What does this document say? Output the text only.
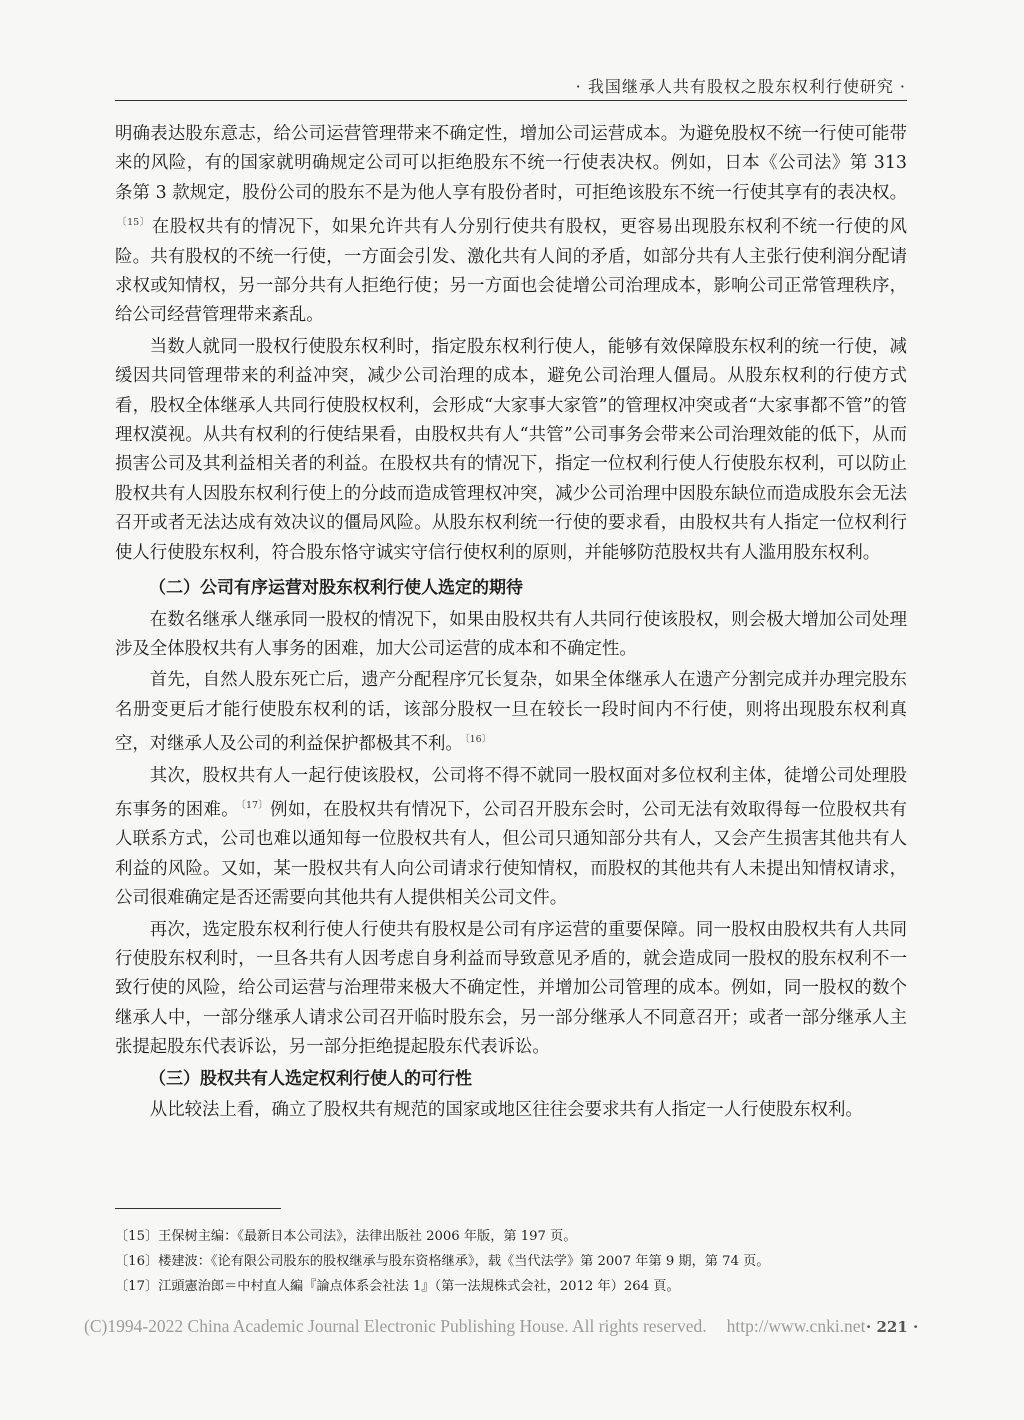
· 我国继承人共有股权之股东权利行使研究 ·

明确表达股东意志，给公司运营管理带来不确定性，增加公司运营成本。为避免股权不统一行使可能带来的风险，有的国家就明确规定公司可以拒绝股东不统一行使表决权。例如，日本《公司法》第 313 条第 3 款规定，股份公司的股东不是为他人享有股份者时，可拒绝该股东不统一行使其享有的表决权。$^{〔15〕}$ 在股权共有的情况下，如果允许共有人分别行使共有股权，更容易出现股东权利不统一行使的风险。共有股权的不统一行使，一方面会引发、激化共有人间的矛盾，如部分共有人主张行使利润分配请求权或知情权，另一部分共有人拒绝行使；另一方面也会徒增公司治理成本，影响公司正常管理秩序，给公司经营管理带来紊乱。

当数人就同一股权行使股东权利时，指定股东权利行使人，能够有效保障股东权利的统一行使，减缓因共同管理带来的利益冲突，减少公司治理的成本，避免公司治理人僵局。从股东权利的行使方式看，股权全体继承人共同行使股权权利，会形成“大家事大家管”的管理权冲突或者“大家事都不管”的管理权漠视。从共有权利的行使结果看，由股权共有人“共管”公司事务会带来公司治理效能的低下，从而损害公司及其利益相关者的利益。在股权共有的情况下，指定一位权利行使人行使股东权利，可以防止股权共有人因股东权利行使上的分歧而造成管理权冲突，减少公司治理中因股东缺位而造成股东会无法召开或者无法达成有效决议的僵局风险。从股东权利统一行使的要求看，由股权共有人指定一位权利行使人行使股东权利，符合股东恪守诚实守信行使权利的原则，并能够防范股权共有人滥用股东权利。

（二）公司有序运营对股东权利行使人选定的期待

在数名继承人继承同一股权的情况下，如果由股权共有人共同行使该股权，则会极大增加公司处理涉及全体股权共有人事务的困难，加大公司运营的成本和不确定性。

首先，自然人股东死亡后，遗产分配程序冗长复杂，如果全体继承人在遗产分割完成并办理完股东名册变更后才能行使股东权利的话，该部分股权一旦在较长一段时间内不行使，则将出现股东权利真空，对继承人及公司的利益保护都极其不利。 $^{〔16〕}$

其次，股权共有人一起行使该股权，公司将不得不就同一股权面对多位权利主体，徒增公司处理股东事务的困难。 $^{〔17〕}$ 例如，在股权共有情况下，公司召开股东会时，公司无法有效取得每一位股权共有人联系方式，公司也难以通知每一位股权共有人，但公司只通知部分共有人，又会产生损害其他共有人利益的风险。又如，某一股权共有人向公司请求行使知情权，而股权的其他共有人未提出知情权请求，公司很难确定是否还需要向其他共有人提供相关公司文件。

再次，选定股东权利行使人行使共有股权是公司有序运营的重要保障。同一股权由股权共有人共同行使股东权利时，一旦各共有人因考虑自身利益而导致意见矛盾的，就会造成同一股权的股东权利不一致行使的风险，给公司运营与治理带来极大不确定性，并增加公司管理的成本。例如，同一股权的数个继承人中，一部分继承人请求公司召开临时股东会，另一部分继承人不同意召开；或者一部分继承人主张提起股东代表诉讼，另一部分拒绝提起股东代表诉讼。

（三）股权共有人选定权利行使人的可行性

从比较法上看，确立了股权共有规范的国家或地区往往会要求共有人指定一人行使股东权利。

〔15〕王保树主编：《最新日本公司法》，法律出版社 2006 年版，第 197 页。
〔16〕楼建波：《论有限公司股东的股权继承与股东资格继承》，载《当代法学》第 2007 年第 9 期，第 74 页。
〔17〕江頭憲治郎＝中村直人編『論点体系会社法 1』（第一法規株式会社，2012 年）264 頁。
(C)1994-2022 China Academic Journal Electronic Publishing House. All rights reserved. http://www.cnki.net · 221 ·
